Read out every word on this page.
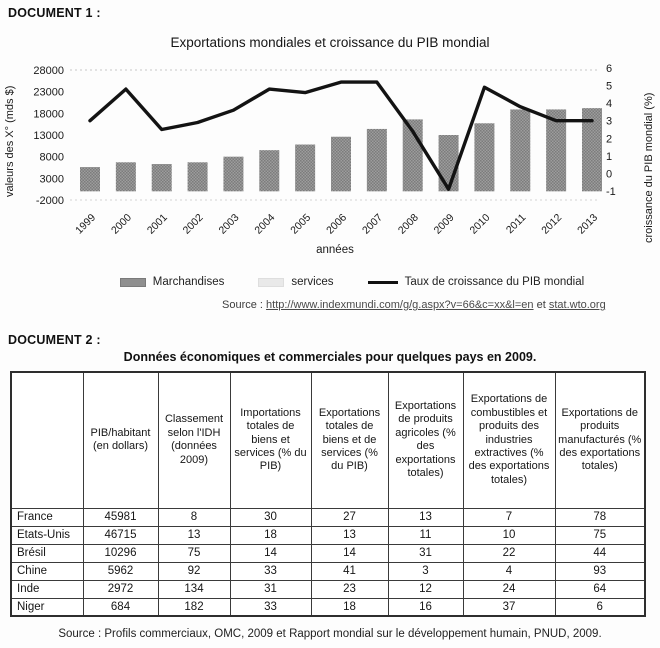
DOCUMENT 1 :
Exportations mondiales et croissance du PIB mondial
28000
23000
18000
13000
8000
3000
-2000
6
5
4
3
2
1
0
-1
1999 2000 2001 2002 2003 2004 2005 2006 2007 2008 2009 2010 2011 2012 2013
valeurs des X° (mds $)	croissance du PIB mondial (%)
années
Marchandises	services	Taux de croissance du PIB mondial
Source : http://www.indexmundi.com/g/g.aspx?v=66&c=xx&l=en et stat.wto.org
DOCUMENT 2 :
Données économiques et commerciales pour quelques pays en 2009.
	PIB/habitant (en dollars)	Classement selon l'IDH (données 2009)	Importations totales de biens et services (% du PIB)	Exportations totales de biens et de services (% du PIB)	Exportations de produits agricoles (% des exportations totales)	Exportations de combustibles et produits des industries extractives (% des exportations totales)	Exportations de produits manufacturés (% des exportations totales)
France	45981	8	30	27	13	7	78
Etats-Unis	46715	13	18	13	11	10	75
Brésil	10296	75	14	14	31	22	44
Chine	5962	92	33	41	3	4	93
Inde	2972	134	31	23	12	24	64
Niger	684	182	33	18	16	37	6
Source : Profils commerciaux, OMC, 2009 et Rapport mondial sur le développement humain, PNUD, 2009.
